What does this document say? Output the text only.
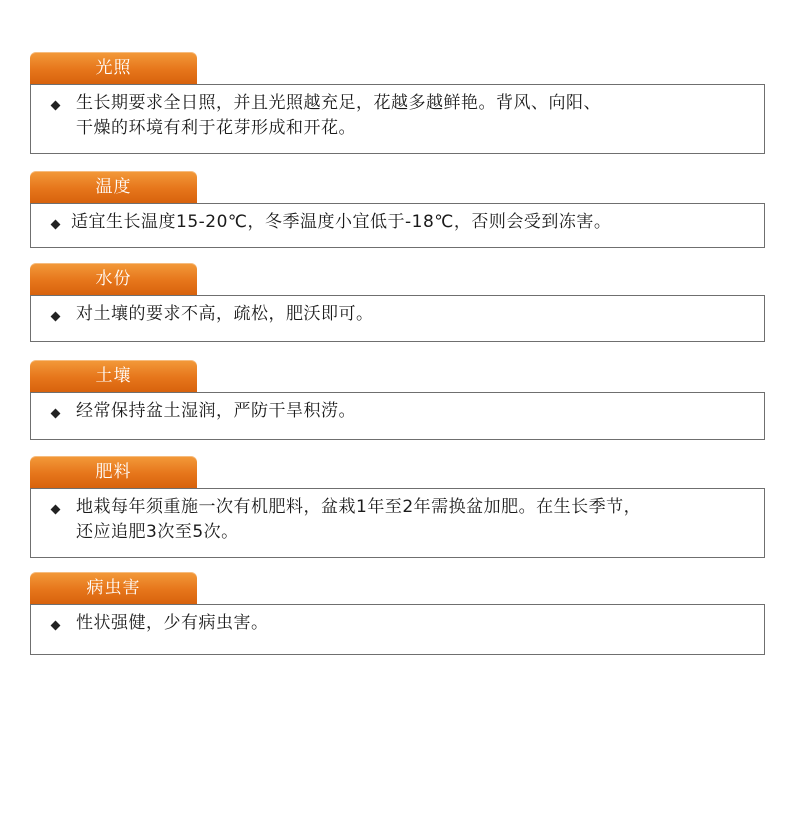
光照
生长期要求全日照，并且光照越充足，花越多越鲜艳。背风、向阳、
干燥的环境有利于花芽形成和开花。
温度
适宜生长温度15-20℃，冬季温度小宜低于-18℃，否则会受到冻害。
水份
对土壤的要求不高，疏松，肥沃即可。
土壤
经常保持盆土湿润，严防干旱积涝。
肥料
地栽每年须重施一次有机肥料，盆栽1年至2年需换盆加肥。在生长季节，
还应追肥3次至5次。
病虫害
性状强健，少有病虫害。
